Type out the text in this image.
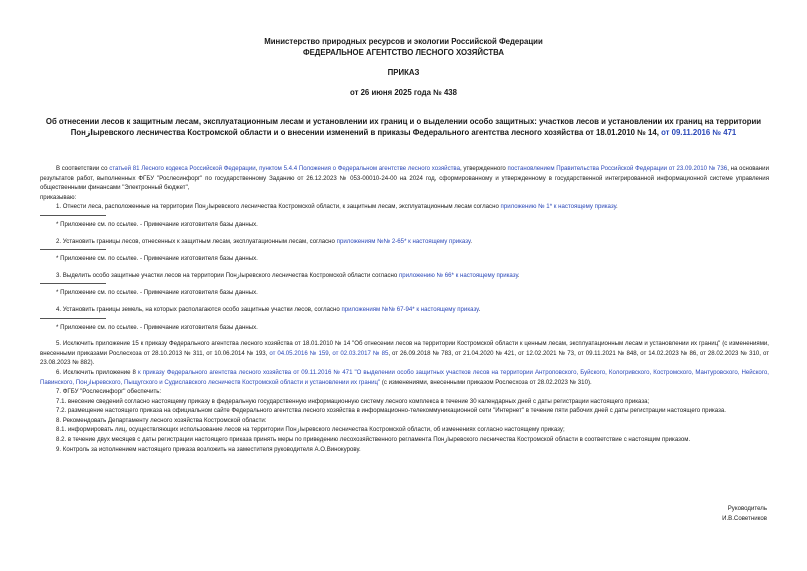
Министерство природных ресурсов и экологии Российской Федерации
ФЕДЕРАЛЬНОЕ АГЕНТСТВО ЛЕСНОГО ХОЗЯЙСТВА
ПРИКАЗ
от 26 июня 2025 года № 438
Об отнесении лесов к защитным лесам, эксплуатационным лесам и установлении их границ и о выделении особо защитных: участков лесов и установлении их границ на территории Понازыревского лесничества Костромской области и о внесении изменений в приказы Федерального агентства лесного хозяйства от 18.01.2010 № 14, от 09.11.2016 № 471

В соответствии со статьей 81 Лесного кодекса Российской Федерации, пунктом 5.4.4 Положения о Федеральном агентстве лесного хозяйства, утвержденного постановлением Правительства Российской Федерации от 23.09.2010 № 736, на основании результатов работ, выполненных ФГБУ "Рослесинфорг" по государственному Заданию от 26.12.2023 № 053-00010-24-00 на 2024 год, сформированному и утвержденному в государственной интегрированной информационной системе управления общественными финансами "Электронный бюджет",

приказываю:

1. Отнести леса, расположенные на территории Понازыревского лесничества Костромской области, к защитным лесам, эксплуатационным лесам согласно приложению № 1* к настоящему приказу.

* Приложение см. по ссылке. - Примечание изготовителя базы данных.

2. Установить границы лесов, отнесенных к защитным лесам, эксплуатационным лесам, согласно приложениям №№ 2-65* к настоящему приказу.

* Приложение см. по ссылке. - Примечание изготовителя базы данных.

3. Выделить особо защитные участки лесов на территории Понازыревского лесничества Костромской области согласно приложению № 66* к настоящему приказу.

* Приложение см. по ссылке. - Примечание изготовителя базы данных.

4. Установить границы земель, на которых располагаются особо защитные участки лесов, согласно приложениям №№ 67-94* к настоящему приказу.

* Приложение см. по ссылке. - Примечание изготовителя базы данных.

5. Исключить приложение 15 к приказу Федерального агентства лесного хозяйства от 18.01.2010 № 14 "Об отнесении лесов на территории Костромской области к ценным лесам, эксплуатационным лесам и установлении их границ" (с изменениями, внесенными приказами Рослесхоза от 28.10.2013 № 311, от 10.06.2014 № 193, от 04.05.2016 № 159, от 02.03.2017 № 85, от 26.09.2018 № 783, от 21.04.2020 № 421, от 12.02.2021 № 73, от 09.11.2021 № 848, от 14.02.2023 № 86, от 28.02.2023 № 310, от 23.08.2023 № 882).

6. Исключить приложение 8 к приказу Федерального агентства лесного хозяйства от 09.11.2016 № 471 "О выделении особо защитных участков лесов на территории Антроповского, Буйского, Кологривского, Костромского, Мантуровского, Нейского, Павинского, Понازыревского, Пыщугского и Судиславского лесничеств Костромской области и установлении их границ" (с изменениями, внесенными приказом Рослесхоза от 28.02.2023 № 310).

7. ФГБУ "Рослесинфорг" обеспечить:

7.1. внесение сведений согласно настоящему приказу в федеральную государственную информационную систему лесного комплекса в течение 30 календарных дней с даты регистрации настоящего приказа;

7.2. размещение настоящего приказа на официальном сайте Федерального агентства лесного хозяйства в информационно-телекоммуникационной сети "Интернет" в течение пяти рабочих дней с даты регистрации настоящего приказа.

8. Рекомендовать Департаменту лесного хозяйства Костромской области:

8.1. информировать лиц, осуществляющих использование лесов на территории Понازыревского лесничества Костромской области, об изменениях согласно настоящему приказу;

8.2. в течение двух месяцев с даты регистрации настоящего приказа принять меры по приведению лесохозяйственного регламента Понازыревского лесничества Костромской области в соответствие с настоящим приказом.

9. Контроль за исполнением настоящего приказа возложить на заместителя руководителя А.О.Винокурову.

Руководитель
И.В.Советников
